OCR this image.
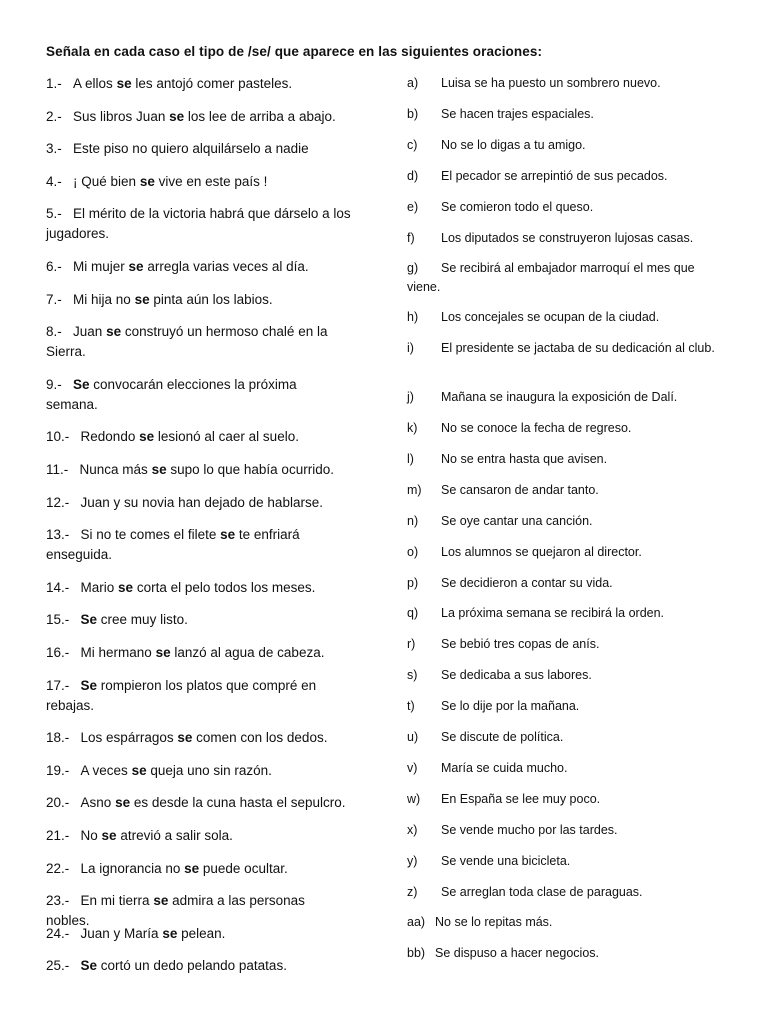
Señala en cada caso el tipo de /se/ que aparece en las siguientes oraciones:
1.- A ellos se les antojó comer pasteles.
2.- Sus libros Juan se los lee de arriba a abajo.
3.- Este piso no quiero alquilárselo a nadie
4.- ¡ Qué bien se vive en este país !
5.- El mérito de la victoria habrá que dárselo a los jugadores.
6.- Mi mujer se arregla varias veces al día.
7.- Mi hija no se pinta aún los labios.
8.- Juan se construyó un hermoso chalé en la Sierra.
9.- Se convocarán elecciones la próxima semana.
10.- Redondo se lesionó al caer al suelo.
11.- Nunca más se supo lo que había ocurrido.
12.- Juan y su novia han dejado de hablarse.
13.- Si no te comes el filete se te enfriará enseguida.
14.- Mario se corta el pelo todos los meses.
15.- Se cree muy listo.
16.- Mi hermano se lanzó al agua de cabeza.
17.- Se rompieron los platos que compré en rebajas.
18.- Los espárragos se comen con los dedos.
19.- A veces se queja uno sin razón.
20.- Asno se es desde la cuna hasta el sepulcro.
21.- No se atrevió a salir sola.
22.- La ignorancia no se puede ocultar.
23.- En mi tierra se admira a las personas nobles.
24.- Juan y María se pelean.
25.- Se cortó un dedo pelando patatas.
a)	Luisa se ha puesto un sombrero nuevo.
b)	Se hacen trajes espaciales.
c)	No se lo digas a tu amigo.
d)	El pecador se arrepintió de sus pecados.
e)	Se comieron todo el queso.
f)	Los diputados se construyeron lujosas casas.
g) Se recibirá al embajador marroquí el mes que viene.
h)	Los concejales se ocupan de la ciudad.
i) El presidente se jactaba de su dedicación al club.
j)	Mañana se inaugura la exposición de Dalí.
k)	No se conoce la fecha de regreso.
l)	No se entra hasta que avisen.
m)	Se cansaron de andar tanto.
n)	Se oye cantar una canción.
o)	Los alumnos se quejaron al director.
p)	Se decidieron a contar su vida.
q)	La próxima semana se recibirá la orden.
r)	Se bebió tres copas de anís.
s)	Se dedicaba a sus labores.
t)	Se lo dije por la mañana.
u)	Se discute de política.
v)	María se cuida mucho.
w)	En España se lee muy poco.
x)	Se vende mucho por las tardes.
y)	Se vende una bicicleta.
z)	Se arreglan toda clase de paraguas.
aa) No se lo repitas más.
bb) Se dispuso a hacer negocios.
